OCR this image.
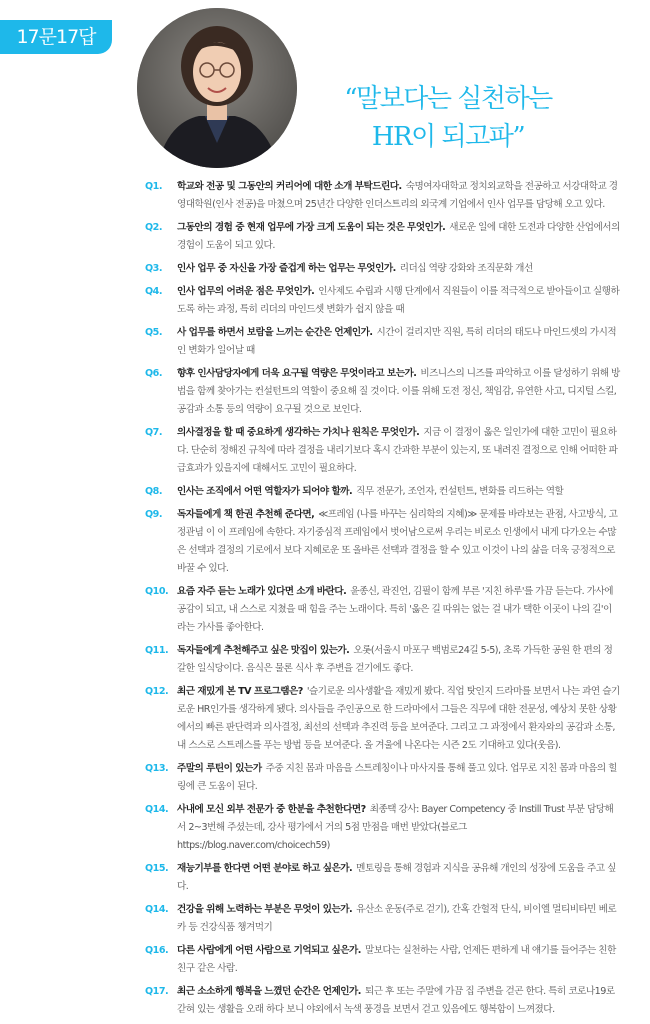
17문17답
“말보다는 실천하는
HR이 되고파”
Q1. 학교와 전공 및 그동안의 커리어에 대한 소개 부탁드린다. 숙명여자대학교 정치외교학을 전공하고 서강대학교 경영대학원(인사 전공)을 마쳤으며 25년간 다양한 인더스트리의 외국계 기업에서 인사 업무를 담당해 오고 있다.
Q2. 그동안의 경험 중 현재 업무에 가장 크게 도움이 되는 것은 무엇인가. 새로운 일에 대한 도전과 다양한 산업에서의 경험이 도움이 되고 있다.
Q3. 인사 업무 중 자신을 가장 즐겁게 하는 업무는 무엇인가. 리더십 역량 강화와 조직문화 개선
Q4. 인사 업무의 어려운 점은 무엇인가. 인사제도 수립과 시행 단계에서 직원들이 이를 적극적으로 받아들이고 실행하도록 하는 과정, 특히 리더의 마인드셋 변화가 쉽지 않을 때
Q5. 사 업무를 하면서 보람을 느끼는 순간은 언제인가. 시간이 걸리지만 직원, 특히 리더의 태도나 마인드셋의 가시적인 변화가 일어날 때
Q6. 향후 인사담당자에게 더욱 요구될 역량은 무엇이라고 보는가. 비즈니스의 니즈를 파악하고 이를 달성하기 위해 방법을 함께 찾아가는 컨설턴트의 역할이 중요해 질 것이다. 이를 위해 도전 정신, 책임감, 유연한 사고, 디지털 스킬, 공감과 소통 등의 역량이 요구될 것으로 보인다.
Q7. 의사결정을 할 때 중요하게 생각하는 가치나 원칙은 무엇인가. 지금 이 결정이 옳은 일인가에 대한 고민이 필요하다. 단순히 정해진 규칙에 따라 결정을 내리기보다 혹시 간과한 부분이 있는지, 또 내려진 결정으로 인해 어떠한 파급효과가 있을지에 대해서도 고민이 필요하다.
Q8. 인사는 조직에서 어떤 역할자가 되어야 할까. 직무 전문가, 조언자, 컨설턴트, 변화를 리드하는 역할
Q9. 독자들에게 책 한권 추천해 준다면, ≪프레임 (나를 바꾸는 심리학의 지혜)≫ 문제를 바라보는 관점, 사고방식, 고정관념 이 이 프레임에 속한다. 자기중심적 프레임에서 벗어남으로써 우리는 비로소 인생에서 내게 다가오는 수많은 선택과 결정의 기로에서 보다 지혜로운 또 올바른 선택과 결정을 할 수 있고 이것이 나의 삶을 더욱 긍정적으로 바꿀 수 있다.
Q10. 요즘 자주 듣는 노래가 있다면 소개 바란다. 윤종신, 곽진언, 김필이 함께 부른 '지친 하루'를 가끔 듣는다. 가사에 공감이 되고, 내 스스로 지쳤을 때 힘을 주는 노래이다. 특히 '옳은 길 따위는 없는 걸 내가 택한 이곳이 나의 길'이라는 가사를 좋아한다.
Q11. 독자들에게 추천해주고 싶은 맛집이 있는가. 오롯(서울시 마포구 백범로24길 5-5), 초록 가득한 공원 한 편의 정갈한 일식당이다. 음식은 물론 식사 후 주변을 걷기에도 좋다.
Q12. 최근 재밌게 본 TV 프로그램은? '슬기로운 의사생활'을 재밌게 봤다. 직업 탓인지 드라마를 보면서 나는 과연 슬기로운 HR인가를 생각하게 됐다. 의사들을 주인공으로 한 드라마에서 그들은 직무에 대한 전문성, 예상치 못한 상황에서의 빠른 판단력과 의사결정, 최선의 선택과 추진력 등을 보여준다. 그리고 그 과정에서 환자와의 공감과 소통, 내 스스로 스트레스를 푸는 방법 등을 보여준다. 올 겨울에 나온다는 시즌 2도 기대하고 있다(웃음).
Q13. 주말의 루틴이 있는가 주중 지친 몸과 마음을 스트레칭이나 마사지를 통해 풀고 있다. 업무로 지친 몸과 마음의 힐링에 큰 도움이 된다.
Q14. 사내에 모신 외부 전문가 중 한분을 추천한다면? 최종택 강사: Bayer Competency 중 Instill Trust 부분 담당해서 2~3번해 주셨는데, 강사 평가에서 거의 5점 만점을 매번 받았다(블로그 https://blog.naver.com/choicech59)
Q15. 재능기부를 한다면 어떤 분야로 하고 싶은가. 멘토링을 통해 경험과 지식을 공유해 개인의 성장에 도움을 주고 싶다.
Q14. 건강을 위해 노력하는 부분은 무엇이 있는가. 유산소 운동(주로 걷기), 간혹 간헐적 단식, 비이엘 멀티비타민 베로카 등 건강식품 챙겨먹기
Q16. 다른 사람에게 어떤 사람으로 기억되고 싶은가. 말보다는 실천하는 사람, 언제든 편하게 내 얘기를 들어주는 친한 친구 같은 사람.
Q17. 최근 소소하게 행복을 느꼈던 순간은 언제인가. 퇴근 후 또는 주말에 가끔 집 주변을 걷곤 한다. 특히 코로나19로 갇혀 있는 생활을 오래 하다 보니 야외에서 녹색 풍경을 보면서 걷고 있음에도 행복함이 느껴졌다.
